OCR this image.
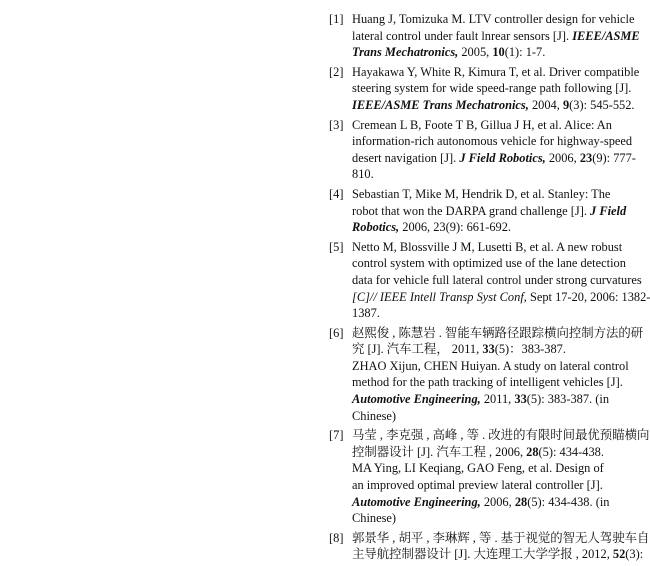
[1] Huang J, Tomizuka M. LTV controller design for vehicle
lateral control under fault lnrear sensors [J]. IEEE/ASME
Trans Mechatronics, 2005, 10(1): 1-7.
[2] Hayakawa Y, White R, Kimura T, et al. Driver compatible
steering system for wide speed-range path following [J].
IEEE/ASME Trans Mechatronics, 2004, 9(3): 545-552.
[3] Cremean L B, Foote T B, Gillua J H, et al. Alice: An
information-rich autonomous vehicle for highway-speed
desert navigation [J]. J Field Robotics, 2006, 23(9): 777-
810.
[4] Sebastian T, Mike M, Hendrik D, et al. Stanley: The
robot that won the DARPA grand challenge [J]. J Field
Robotics, 2006, 23(9): 661-692.
[5] Netto M, Blossville J M, Lusetti B, et al. A new robust
control system with optimized use of the lane detection
data for vehicle full lateral control under strong curvatures
[C]// IEEE Intell Transp Syst Conf, Sept 17-20, 2006: 1382-
1387.
[6] 赵熙俊 , 陈慧岩 . 智能车辆路径跟踪横向控制方法的研
究 [J]. 汽车工程， 2011, 33(5)：383-387.
ZHAO Xijun, CHEN Huiyan. A study on lateral control
method for the path tracking of intelligent vehicles [J].
Automotive Engineering, 2011, 33(5): 383-387. (in
Chinese)
[7] 马莹 , 李克强 , 高峰 , 等 . 改进的有限时间最优预瞄横向
控制器设计 [J]. 汽车工程 , 2006, 28(5): 434-438.
MA Ying, LI Keqiang, GAO Feng, et al. Design of
an improved optimal preview lateral controller [J].
Automotive Engineering, 2006, 28(5): 434-438. (in
Chinese)
[8] 郭景华 , 胡平 , 李琳辉 , 等 . 基于视觉的智无人驾驶车自
主导航控制器设计 [J]. 大连理工大学学报 , 2012, 52(3):
